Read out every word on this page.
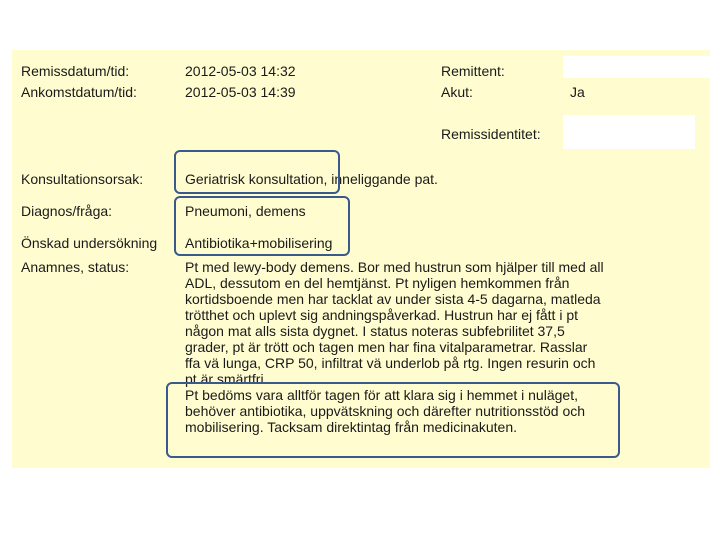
Remissdatum/tid:	2012-05-03 14:32
Ankomstdatum/tid:	2012-05-03 14:39
Remittent:
Akut:	Ja
Remissidentitet:
Konsultationsorsak:	Geriatrisk konsultation, inneliggande pat.
Diagnos/fråga:	Pneumoni, demens
Önskad undersökning Antibiotika+mobilisering
Anamnes, status:	Pt med lewy-body demens. Bor med hustrun som hjälper till med all
ADL, dessutom en del hemtjänst. Pt nyligen hemkommen från
kortidsboende men har tacklat av under sista 4-5 dagarna, matleda
trötthet och uplevt sig andningspåverkad. Hustrun har ej fått i pt
någon mat alls sista dygnet. I status noteras subfebrilitet 37,5
grader, pt är trött och tagen men har fina vitalparametrar. Rasslar
ffa vä lunga, CRP 50, infiltrat vä underlob på rtg. Ingen resurin och
pt är smärtfri.
Pt bedöms vara alltför tagen för att klara sig i hemmet i nuläget,
behöver antibiotika, uppvätskning och därefter nutritionsstöd och
mobilisering. Tacksam direktintag från medicinakuten.
